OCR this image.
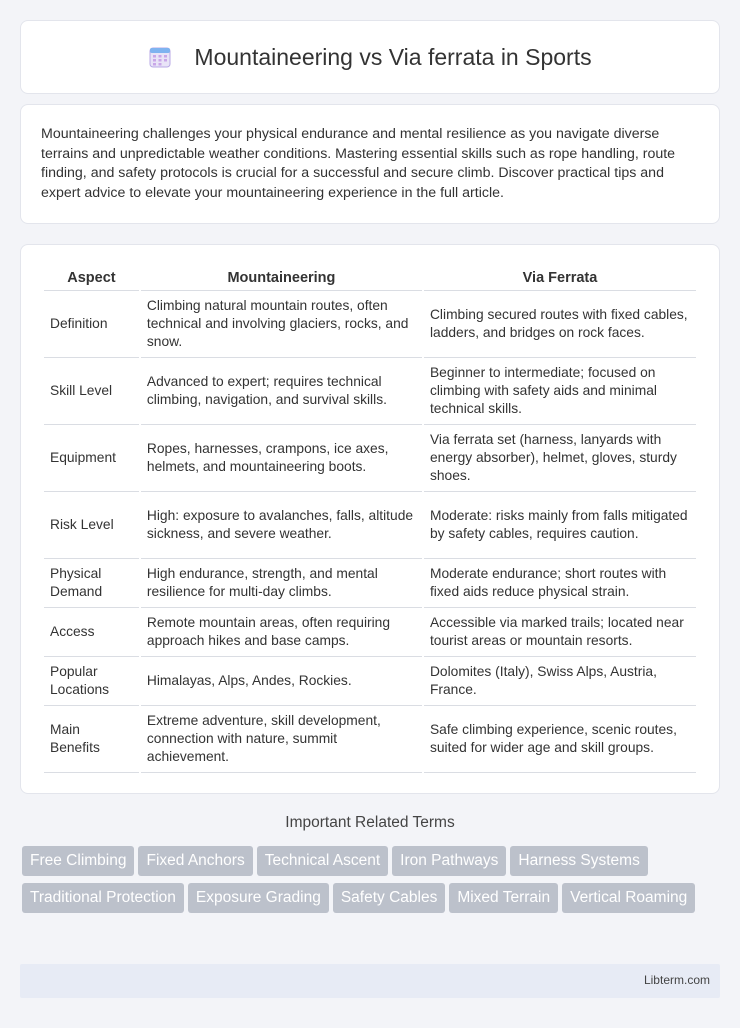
Mountaineering vs Via ferrata in Sports

Mountaineering challenges your physical endurance and mental resilience as you navigate diverse terrains and unpredictable weather conditions. Mastering essential skills such as rope handling, route finding, and safety protocols is crucial for a successful and secure climb. Discover practical tips and expert advice to elevate your mountaineering experience in the full article.

Aspect	Mountaineering	Via Ferrata
Definition	Climbing natural mountain routes, often technical and involving glaciers, rocks, and snow.	Climbing secured routes with fixed cables, ladders, and bridges on rock faces.
Skill Level	Advanced to expert; requires technical climbing, navigation, and survival skills.	Beginner to intermediate; focused on climbing with safety aids and minimal technical skills.
Equipment	Ropes, harnesses, crampons, ice axes, helmets, and mountaineering boots.	Via ferrata set (harness, lanyards with energy absorber), helmet, gloves, sturdy shoes.
Risk Level	High: exposure to avalanches, falls, altitude sickness, and severe weather.	Moderate: risks mainly from falls mitigated by safety cables, requires caution.
Physical Demand	High endurance, strength, and mental resilience for multi-day climbs.	Moderate endurance; short routes with fixed aids reduce physical strain.
Access	Remote mountain areas, often requiring approach hikes and base camps.	Accessible via marked trails; located near tourist areas or mountain resorts.
Popular Locations	Himalayas, Alps, Andes, Rockies.	Dolomites (Italy), Swiss Alps, Austria, France.
Main Benefits	Extreme adventure, skill development, connection with nature, summit achievement.	Safe climbing experience, scenic routes, suited for wider age and skill groups.
Important Related Terms
Free Climbing Fixed Anchors Technical Ascent Iron Pathways Harness SystemsTraditional Protection Exposure Grading Safety Cables Mixed Terrain Vertical Roaming
Libterm.com
